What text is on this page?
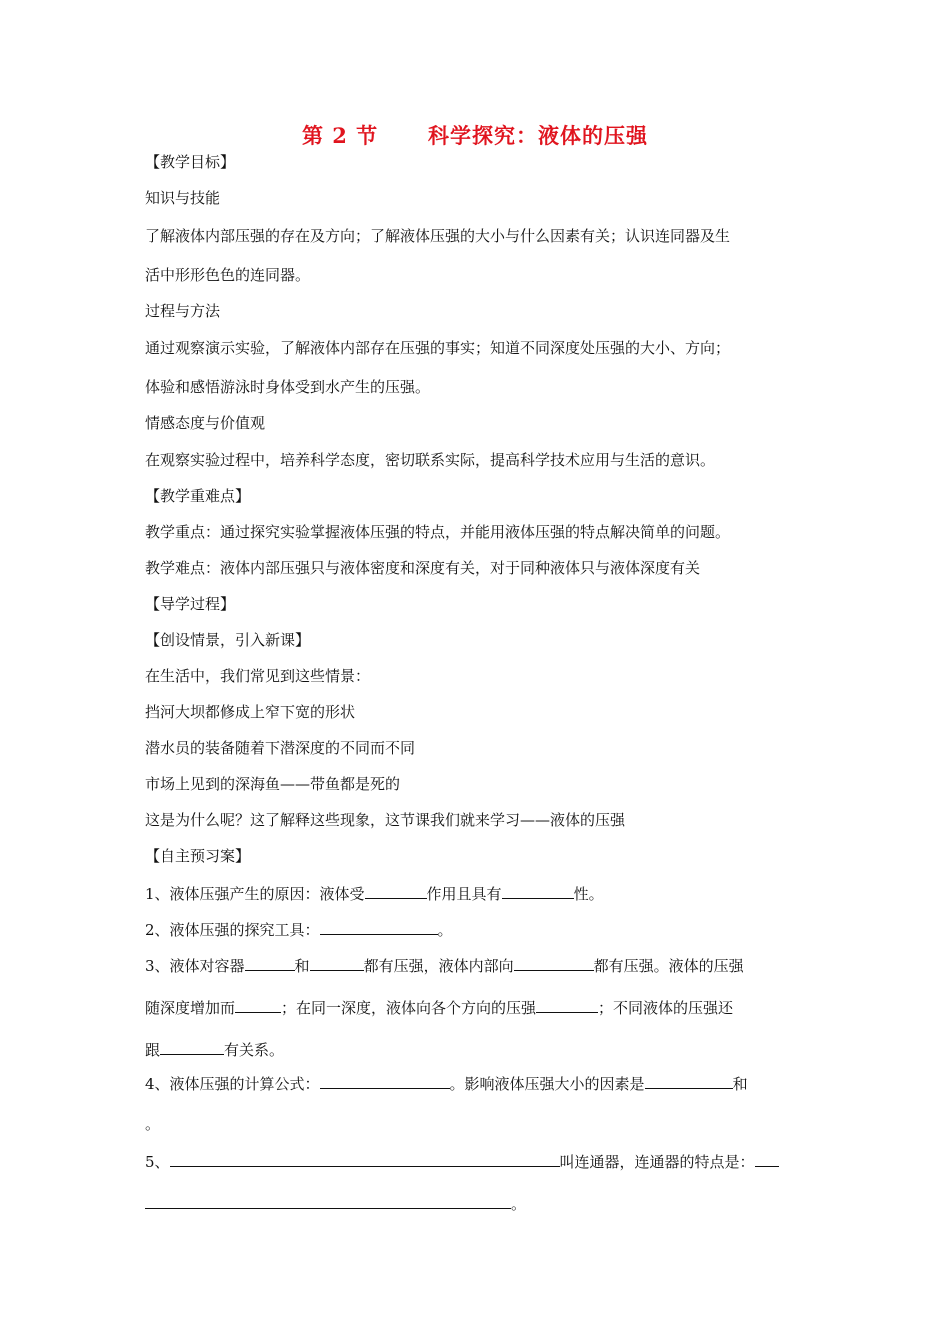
第 2 节      科学探究：液体的压强
【教学目标】
知识与技能
了解液体内部压强的存在及方向；了解液体压强的大小与什么因素有关；认识连同器及生
活中形形色色的连同器。
过程与方法
通过观察演示实验，了解液体内部存在压强的事实；知道不同深度处压强的大小、方向；
体验和感悟游泳时身体受到水产生的压强。
情感态度与价值观
在观察实验过程中，培养科学态度，密切联系实际，提高科学技术应用与生活的意识。
【教学重难点】
教学重点：通过探究实验掌握液体压强的特点，并能用液体压强的特点解决简单的问题。
教学难点：液体内部压强只与液体密度和深度有关，对于同种液体只与液体深度有关
【导学过程】
【创设情景，引入新课】
在生活中，我们常见到这些情景：
挡河大坝都修成上窄下宽的形状
潜水员的装备随着下潜深度的不同而不同
市场上见到的深海鱼——带鱼都是死的
这是为什么呢？这了解释这些现象，这节课我们就来学习——液体的压强
【自主预习案】
1、液体压强产生的原因：液体受	作用且具有	性。
2、液体压强的探究工具：	。
3、液体对容器	和	都有压强，液体内部向	都有压强。液体的压强
随深度增加而	；在同一深度，液体向各个方向的压强	；不同液体的压强还
跟	有关系。
4、液体压强的计算公式：	。影响液体压强大小的因素是	和
。
5、	叫连通器，连通器的特点是：
。
